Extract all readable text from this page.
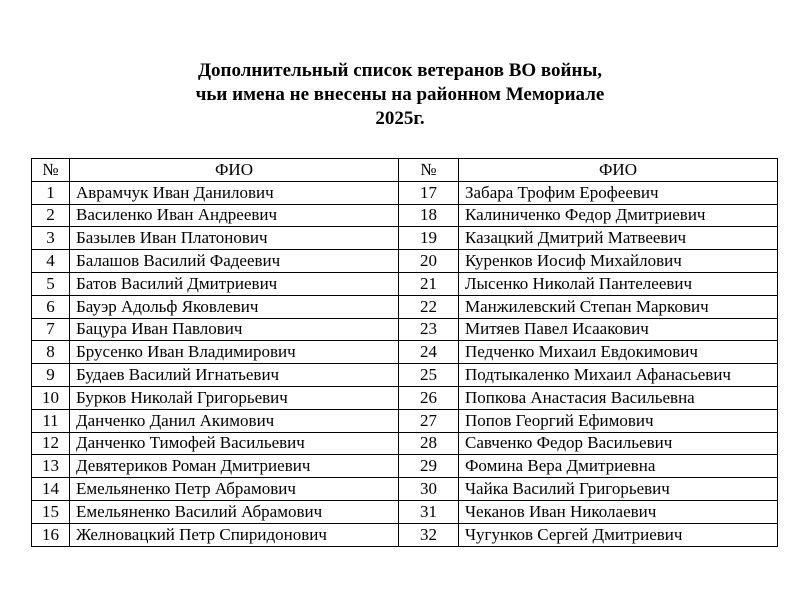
Дополнительный список ветеранов ВО войны,
чьи имена не внесены на районном Мемориале
2025г.
№	ФИО	№	ФИО
1	Аврамчук Иван Данилович	17	Забара Трофим Ерофеевич
2	Василенко Иван Андреевич	18	Калиниченко Федор Дмитриевич
3	Базылев Иван Платонович	19	Казацкий Дмитрий Матвеевич
4	Балашов Василий Фадеевич	20	Куренков Иосиф Михайлович
5	Батов Василий Дмитриевич	21	Лысенко Николай Пантелеевич
6	Бауэр Адольф Яковлевич	22	Манжилевский Степан Маркович
7	Бацура Иван Павлович	23	Митяев Павел Исаакович
8	Брусенко Иван Владимирович	24	Педченко Михаил Евдокимович
9	Будаев Василий Игнатьевич	25	Подтыкаленко Михаил Афанасьевич
10	Бурков Николай Григорьевич	26	Попкова Анастасия Васильевна
11	Данченко Данил Акимович	27	Попов Георгий Ефимович
12	Данченко Тимофей Васильевич	28	Савченко Федор Васильевич
13	Девятериков Роман Дмитриевич	29	Фомина Вера Дмитриевна
14	Емельяненко Петр Абрамович	30	Чайка Василий Григорьевич
15	Емельяненко Василий Абрамович	31	Чеканов Иван Николаевич
16	Желновацкий Петр Спиридонович	32	Чугунков Сергей Дмитриевич
